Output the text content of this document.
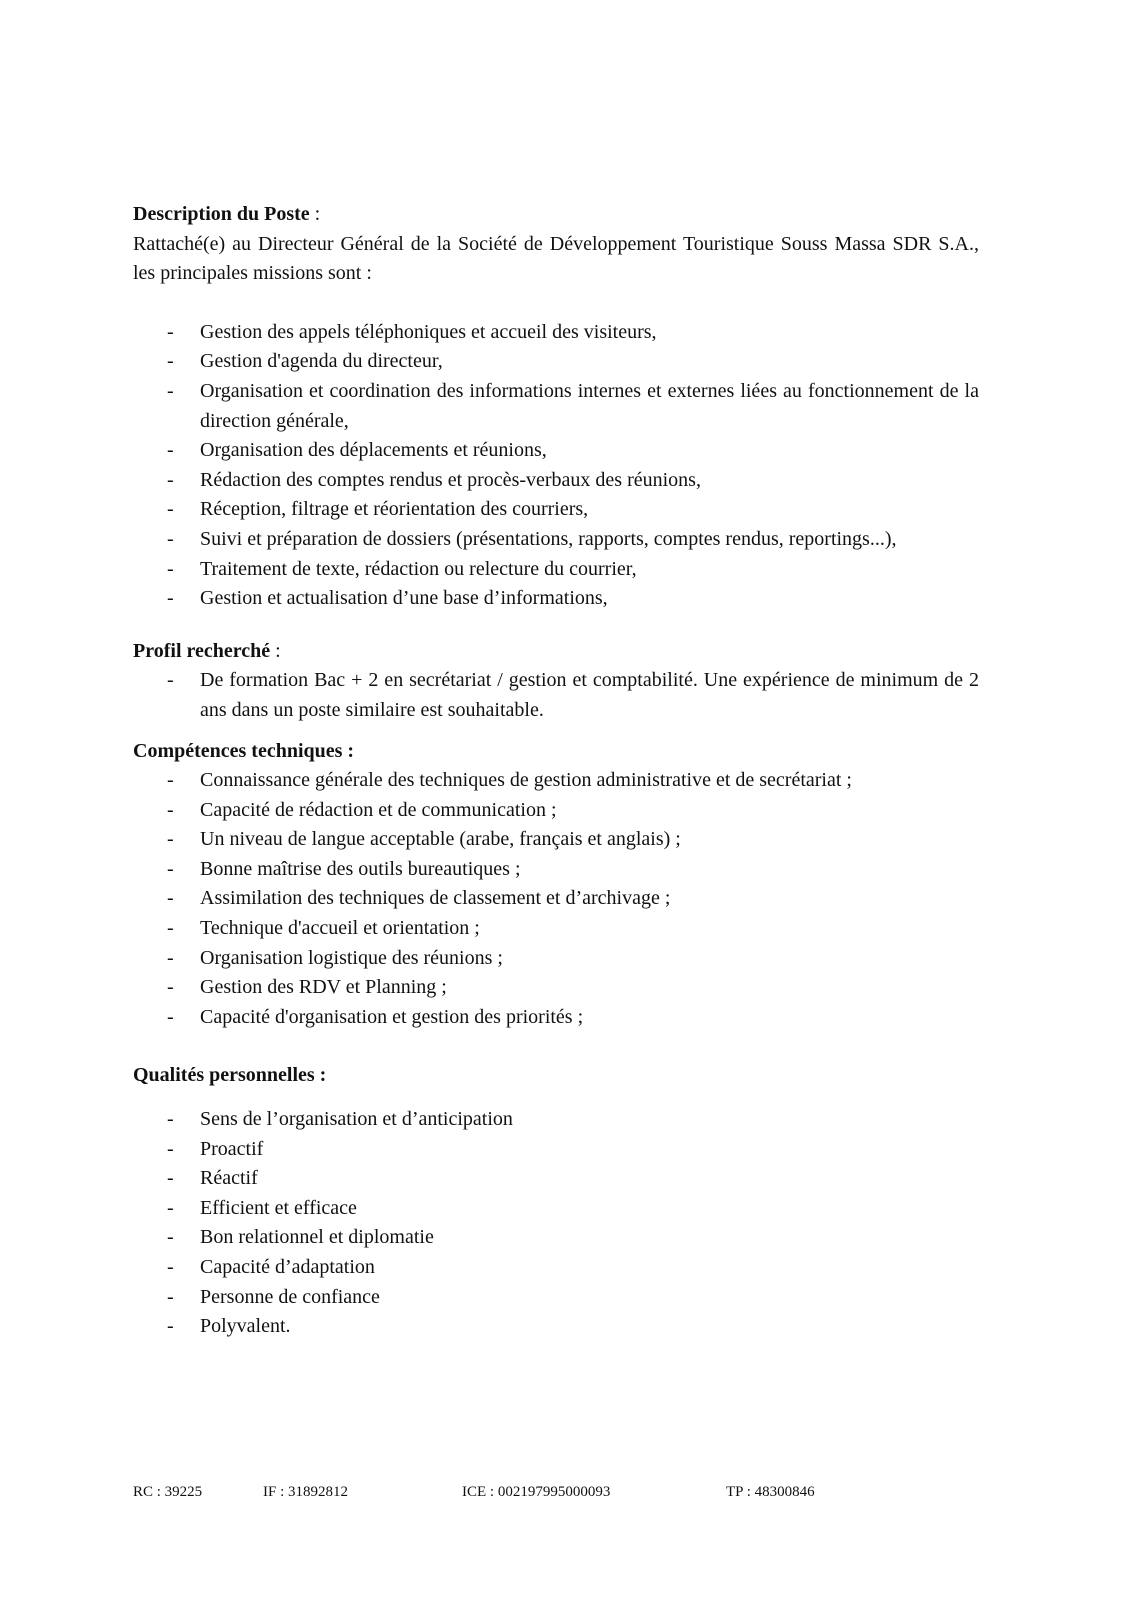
Description du Poste :

Rattaché(e) au Directeur Général de la Société de Développement Touristique Souss Massa SDR S.A., les principales missions sont :

- Gestion des appels téléphoniques et accueil des visiteurs,
- Gestion d'agenda du directeur,
- Organisation et coordination des informations internes et externes liées au fonctionnement de la direction générale,
- Organisation des déplacements et réunions,
- Rédaction des comptes rendus et procès-verbaux des réunions,
- Réception, filtrage et réorientation des courriers,
- Suivi et préparation de dossiers (présentations, rapports, comptes rendus, reportings...),
- Traitement de texte, rédaction ou relecture du courrier,
- Gestion et actualisation d’une base d’informations,

Profil recherché :

- De formation Bac + 2 en secrétariat / gestion et comptabilité. Une expérience de minimum de 2 ans dans un poste similaire est souhaitable.

Compétences techniques :

- Connaissance générale des techniques de gestion administrative et de secrétariat ;
- Capacité de rédaction et de communication ;
- Un niveau de langue acceptable (arabe, français et anglais) ;
- Bonne maîtrise des outils bureautiques ;
- Assimilation des techniques de classement et d’archivage ;
- Technique d'accueil et orientation ;
- Organisation logistique des réunions ;
- Gestion des RDV et Planning ;
- Capacité d'organisation et gestion des priorités ;

Qualités personnelles :

- Sens de l’organisation et d’anticipation
- Proactif
- Réactif
- Efficient et efficace
- Bon relationnel et diplomatie
- Capacité d’adaptation
- Personne de confiance
- Polyvalent.
RC : 39225	IF : 31892812	ICE : 002197995000093	TP : 48300846
